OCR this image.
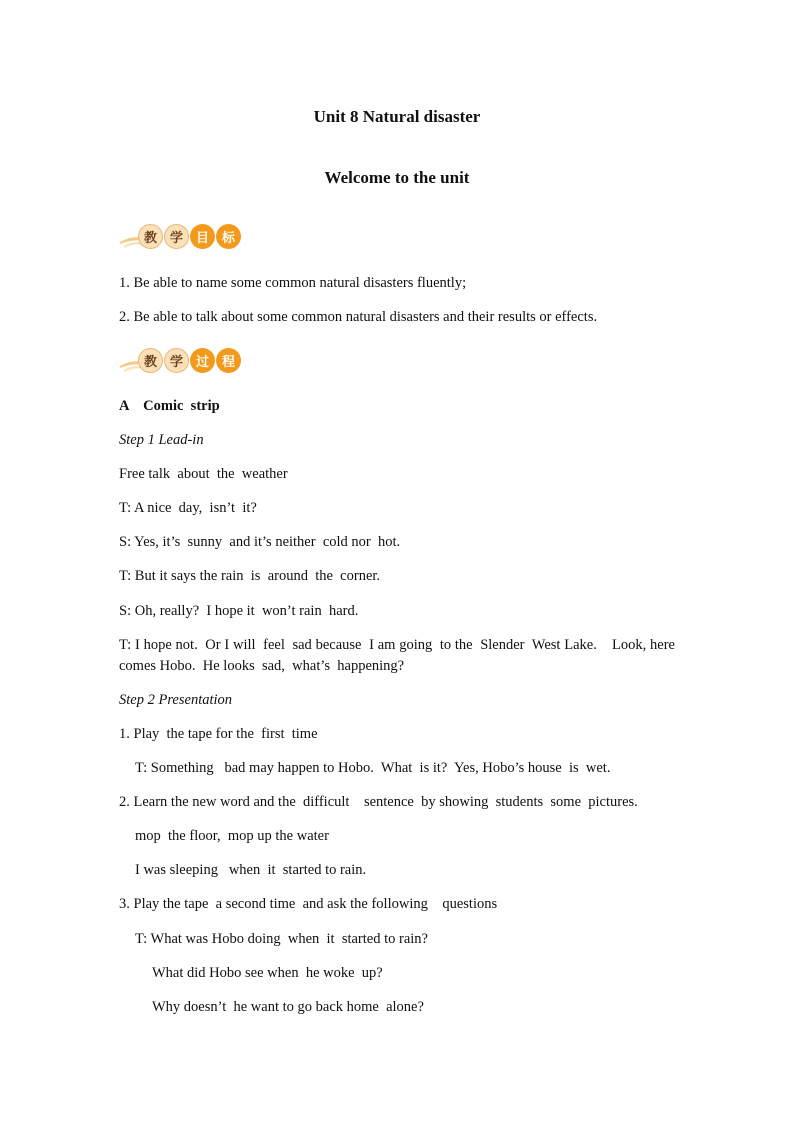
Unit 8 Natural disaster
Welcome to the unit
教 学 目 标
1. Be able to name some common natural disasters fluently;
2. Be able to talk about some common natural disasters and their results or effects.
教 学 过 程
A    Comic  strip
Step 1 Lead-in
Free talk  about  the  weather
T: A nice  day,  isn’t  it?
S: Yes, it’s  sunny  and it’s neither  cold nor  hot.
T: But it says the rain  is  around  the  corner.
S: Oh, really?  I hope it  won’t rain  hard.
T: I hope not.  Or I will  feel  sad because  I am going  to the  Slender  West Lake.    Look, here  comes Hobo.  He looks  sad,  what’s  happening?
Step 2 Presentation
1. Play  the tape for the  first  time
T: Something   bad may happen to Hobo.  What  is it?  Yes, Hobo’s house  is  wet.
2. Learn the new word and the  difficult    sentence  by showing  students  some  pictures.
mop  the floor,  mop up the water
I was sleeping   when  it  started to rain.
3. Play the tape  a second time  and ask the following    questions
T: What was Hobo doing  when  it  started to rain?
What did Hobo see when  he woke  up?
Why doesn’t  he want to go back home  alone?
